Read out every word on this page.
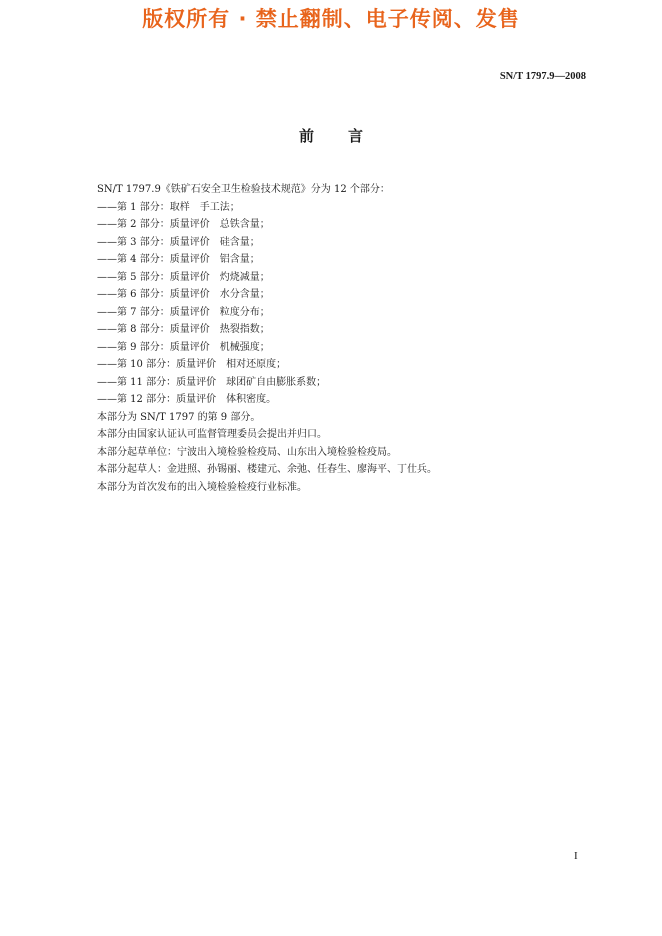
版权所有 · 禁止翻制、电子传阅、发售
SN/T 1797.9—2008
前言
SN/T 1797.9《铁矿石安全卫生检验技术规范》分为 12 个部分：
——第 1 部分：取样　手工法；
——第 2 部分：质量评价　总铁含量；
——第 3 部分：质量评价　硅含量；
——第 4 部分：质量评价　铝含量；
——第 5 部分：质量评价　灼烧减量；
——第 6 部分：质量评价　水分含量；
——第 7 部分：质量评价　粒度分布；
——第 8 部分：质量评价　热裂指数；
——第 9 部分：质量评价　机械强度；
——第 10 部分：质量评价　相对还原度；
——第 11 部分：质量评价　球团矿自由膨胀系数；
——第 12 部分：质量评价　体积密度。
本部分为 SN/T 1797 的第 9 部分。
本部分由国家认证认可监督管理委员会提出并归口。
本部分起草单位：宁波出入境检验检疫局、山东出入境检验检疫局。
本部分起草人：金进照、孙锡丽、楼建元、余弛、任春生、廖海平、丁仕兵。
本部分为首次发布的出入境检验检疫行业标准。
I
